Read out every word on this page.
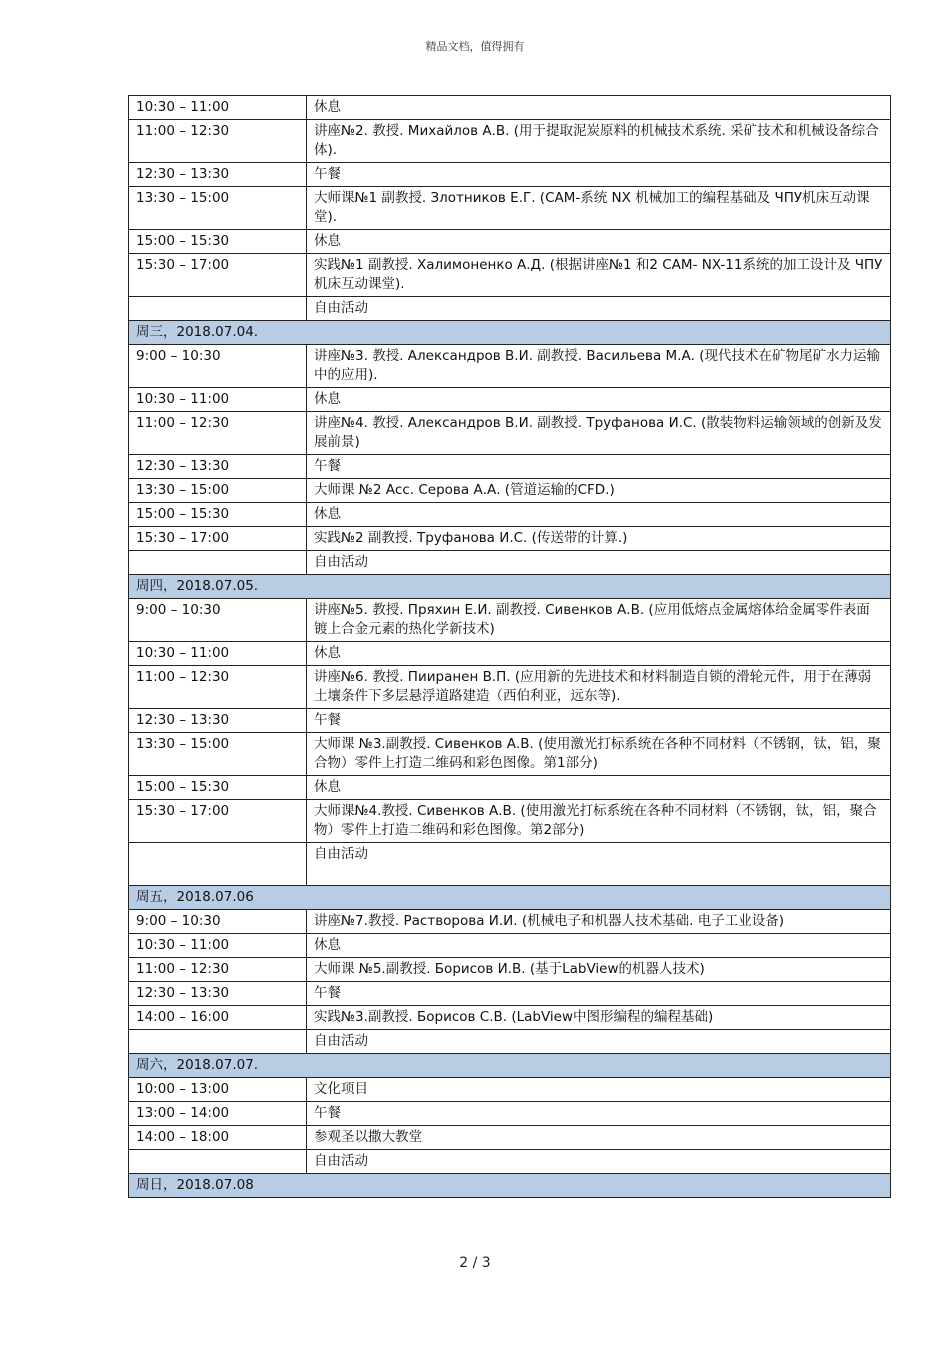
精品文档，值得拥有
10:30 – 11:00	休息
11:00 – 12:30	讲座№2. 教授. Михайлов А.В. (用于提取泥炭原料的机械技术系统. 采矿技术和机械设备综合体).
12:30 – 13:30	午餐
13:30 – 15:00	大师课№1 副教授. Злотников Е.Г. (CAM-系统 NX 机械加工的编程基础及 ЧПУ机床互动课堂).
15:00 – 15:30	休息
15:30 – 17:00	实践№1 副教授. Халимоненко А.Д. (根据讲座№1 和2 CAM- NX-11系统的加工设计及 ЧПУ机床互动课堂).
	自由活动
周三，2018.07.04.	
9:00 – 10:30	讲座№3. 教授. Александров В.И. 副教授. Васильева М.А. (现代技术在矿物尾矿水力运输中的应用).
10:30 – 11:00	休息
11:00 – 12:30	讲座№4. 教授. Александров В.И. 副教授. Труфанова И.С. (散装物料运输领域的创新及发展前景)
12:30 – 13:30	午餐
13:30 – 15:00	大师课 №2 Асс. Серова А.А. (管道运输的CFD.)
15:00 – 15:30	休息
15:30 – 17:00	实践№2 副教授. Труфанова И.С. (传送带的计算.)
	自由活动
周四，2018.07.05.	
9:00 – 10:30	讲座№5. 教授. Пряхин Е.И. 副教授. Сивенков А.В. (应用低熔点金属熔体给金属零件表面镀上合金元素的热化学新技术)
10:30 – 11:00	休息
11:00 – 12:30	讲座№6. 教授. Пииранен В.П. (应用新的先进技术和材料制造自锁的滑轮元件，用于在薄弱土壤条件下多层悬浮道路建造（西伯利亚，远东等).
12:30 – 13:30	午餐
13:30 – 15:00	大师课 №3.副教授. Сивенков А.В. (使用激光打标系统在各种不同材料（不锈钢，钛，铝，聚合物）零件上打造二维码和彩色图像。第1部分)
15:00 – 15:30	休息
15:30 – 17:00	大师课№4.教授. Сивенков А.В. (使用激光打标系统在各种不同材料（不锈钢，钛，铝，聚合物）零件上打造二维码和彩色图像。第2部分)
	自由活动
周五，2018.07.06	
9:00 – 10:30	讲座№7.教授. Растворова И.И. (机械电子和机器人技术基础. 电子工业设备)
10:30 – 11:00	休息
11:00 – 12:30	大师课 №5.副教授. Борисов И.В. (基于LabView的机器人技术)
12:30 – 13:30	午餐
14:00 – 16:00	实践№3.副教授. Борисов С.В. (LabView中图形编程的编程基础)
	自由活动
周六，2018.07.07.	
10:00 – 13:00	文化项目
13:00 – 14:00	午餐
14:00 – 18:00	参观圣以撒大教堂
	自由活动
周日，2018.07.08	
2 / 3
